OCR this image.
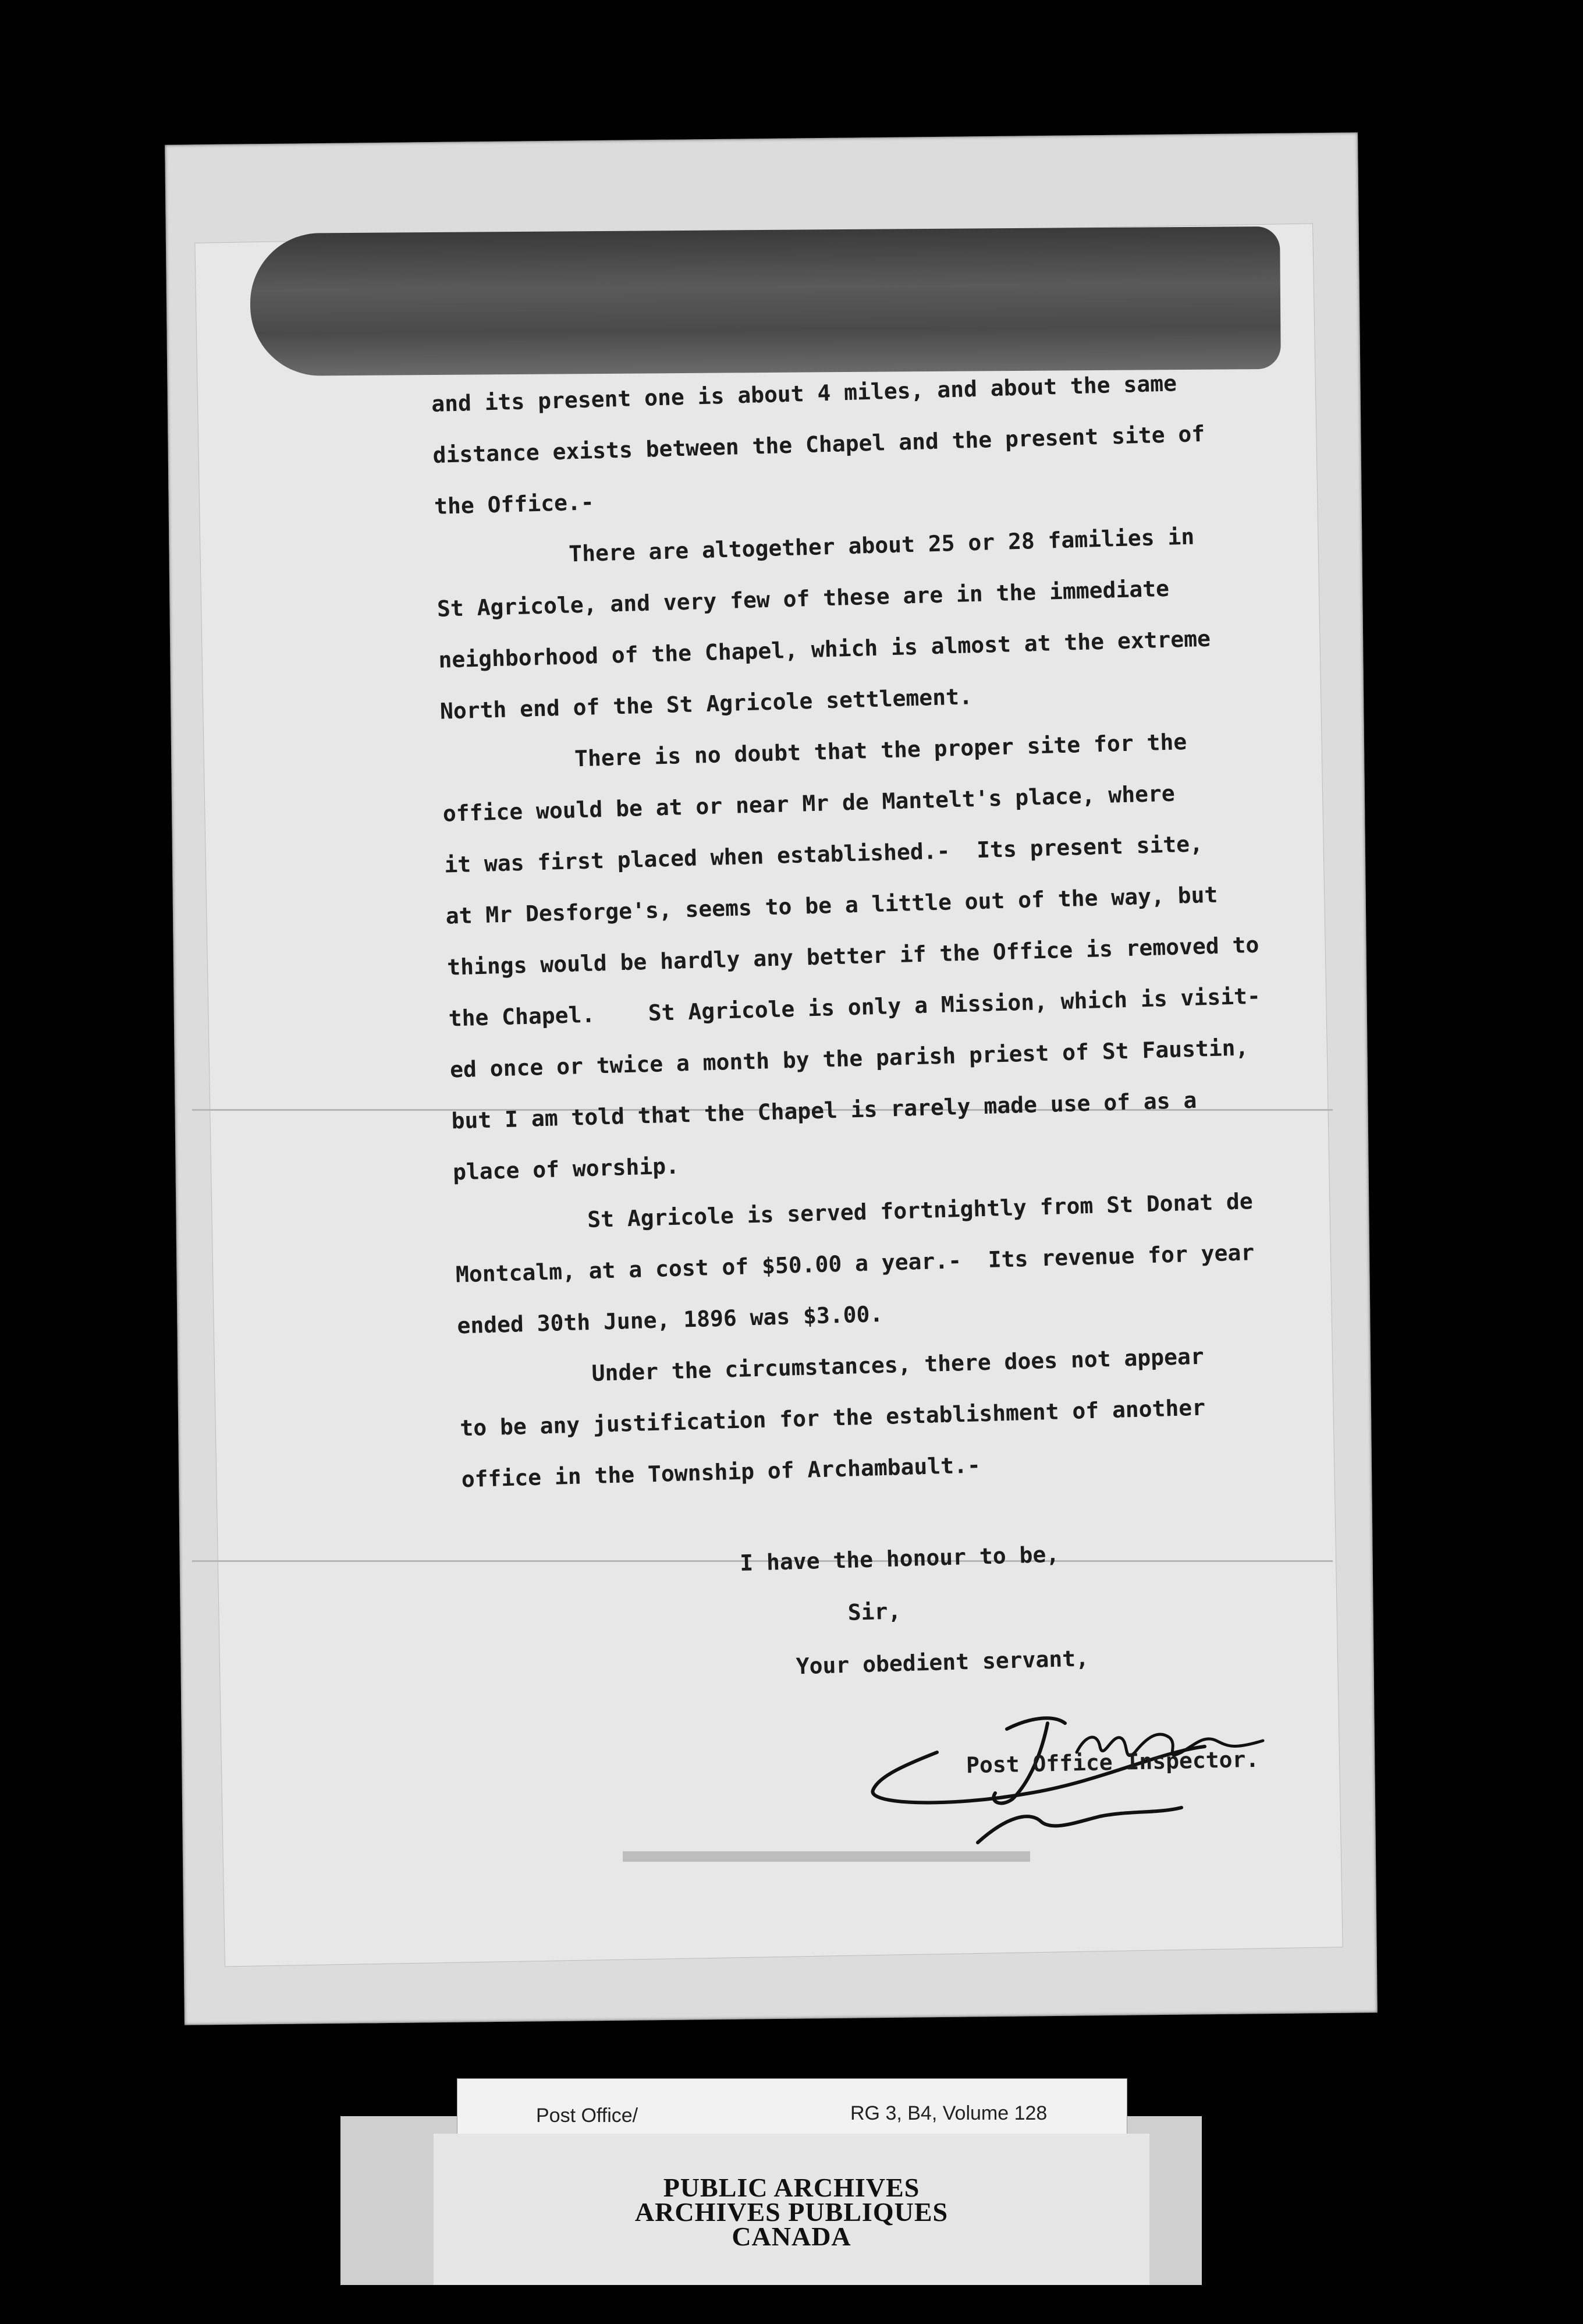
and its present one is about 4 miles, and about the same

distance exists between the Chapel and the present site of

the Office.-

There are altogether about 25 or 28 families in

St Agricole, and very few of these are in the immediate

neighborhood of the Chapel, which is almost at the extreme

North end of the St Agricole settlement.

There is no doubt that the proper site for the

office would be at or near Mr de Mantelt's place, where

it was first placed when established.-  Its present site,

at Mr Desforge's, seems to be a little out of the way, but

things would be hardly any better if the Office is removed to

the Chapel.    St Agricole is only a Mission, which is visit-

ed once or twice a month by the parish priest of St Faustin,

but I am told that the Chapel is rarely made use of as a

place of worship.

St Agricole is served fortnightly from St Donat de

Montcalm, at a cost of $50.00 a year.-  Its revenue for year

ended 30th June, 1896 was $3.00.

Under the circumstances, there does not appear

to be any justification for the establishment of another

office in the Township of Archambault.-

I have the honour to be,

Sir,

Your obedient servant,

Post Office Inspector.
Post Office/	RG 3, B4, Volume 128
PUBLIC ARCHIVES
ARCHIVES PUBLIQUES
CANADA
